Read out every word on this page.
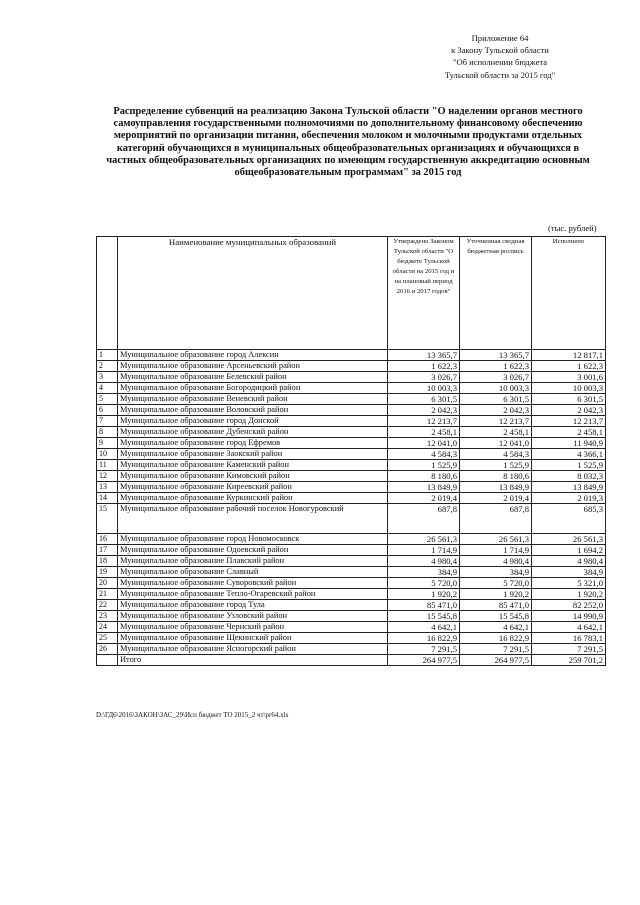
Приложение 64
к Закону Тульской области
"Об исполнении бюджета
Тульской области за 2015 год"
Распределение субвенций на реализацию Закона Тульской области "О наделении органов местного самоуправления государственными полномочиями по дополнительному финансовому обеспечению мероприятий по организации питания, обеспечения молоком и молочными продуктами отдельных категорий обучающихся в муниципальных общеобразовательных организациях и обучающихся в частных общеобразовательных организациях по имеющим государственную аккредитацию основным общеобразовательным программам" за 2015 год
(тыс. рублей)
	Наименование муниципальных образований	Утверждено Законом Тульской области "О бюджете Тульской области на 2015 год и на плановый период 2016 и 2017 годов"	Уточненная сводная бюджетная роспись	Исполнено
1	Муниципальное образование город Алексин	13 365,7	13 365,7	12 817,1
2	Муниципальное образование Арсеньевский район	1 622,3	1 622,3	1 622,3
3	Муниципальное образование Белевский район	3 026,7	3 026,7	3 001,6
4	Муниципальное образование Богородицкий район	10 003,3	10 003,3	10 003,3
5	Муниципальное образование Веневский район	6 301,5	6 301,5	6 301,5
6	Муниципальное образование Воловский район	2 042,3	2 042,3	2 042,3
7	Муниципальное образование город Донской	12 213,7	12 213,7	12 213,7
8	Муниципальное образование Дубенский район	2 458,1	2 458,1	2 458,1
9	Муниципальное образование город Ефремов	12 041,0	12 041,0	11 940,9
10	Муниципальное образование Заокский район	4 584,3	4 584,3	4 366,1
11	Муниципальное образование Каменский район	1 525,9	1 525,9	1 525,9
12	Муниципальное образование Кимовский район	8 180,6	8 180,6	8 032,3
13	Муниципальное образование Киреевский район	13 849,9	13 849,9	13 849,9
14	Муниципальное образование Куркинский район	2 019,4	2 019,4	2 019,3
15	Муниципальное образование рабочий поселок Новогуровский	687,8	687,8	685,3
16	Муниципальное образование город Новомосковск	26 561,3	26 561,3	26 561,3
17	Муниципальное образование Одоевский район	1 714,9	1 714,9	1 694,2
18	Муниципальное образование Плавский район	4 980,4	4 980,4	4 980,4
19	Муниципальное образование Славный	384,9	384,9	384,9
20	Муниципальное образование Суворовский район	5 720,0	5 720,0	5 321,0
21	Муниципальное образование Тепло-Огаревский район	1 920,2	1 920,2	1 920,2
22	Муниципальное образование город Тула	85 471,0	85 471,0	82 252,0
23	Муниципальное образование Узловский район	15 545,8	15 545,8	14 990,9
24	Муниципальное образование Чернский район	4 642,1	4 642,1	4 642,1
25	Муниципальное образование Щекинский район	16 822,9	16 822,9	16 783,1
26	Муниципальное образование Ясногорский район	7 291,5	7 291,5	7 291,5
	Итого	264 977,5	264 977,5	259 701,2
D:\ГД6\2016\ЗАКОН\ЗАС_29\Исп бюджет ТО 2015_2 чт\pr64.xls
